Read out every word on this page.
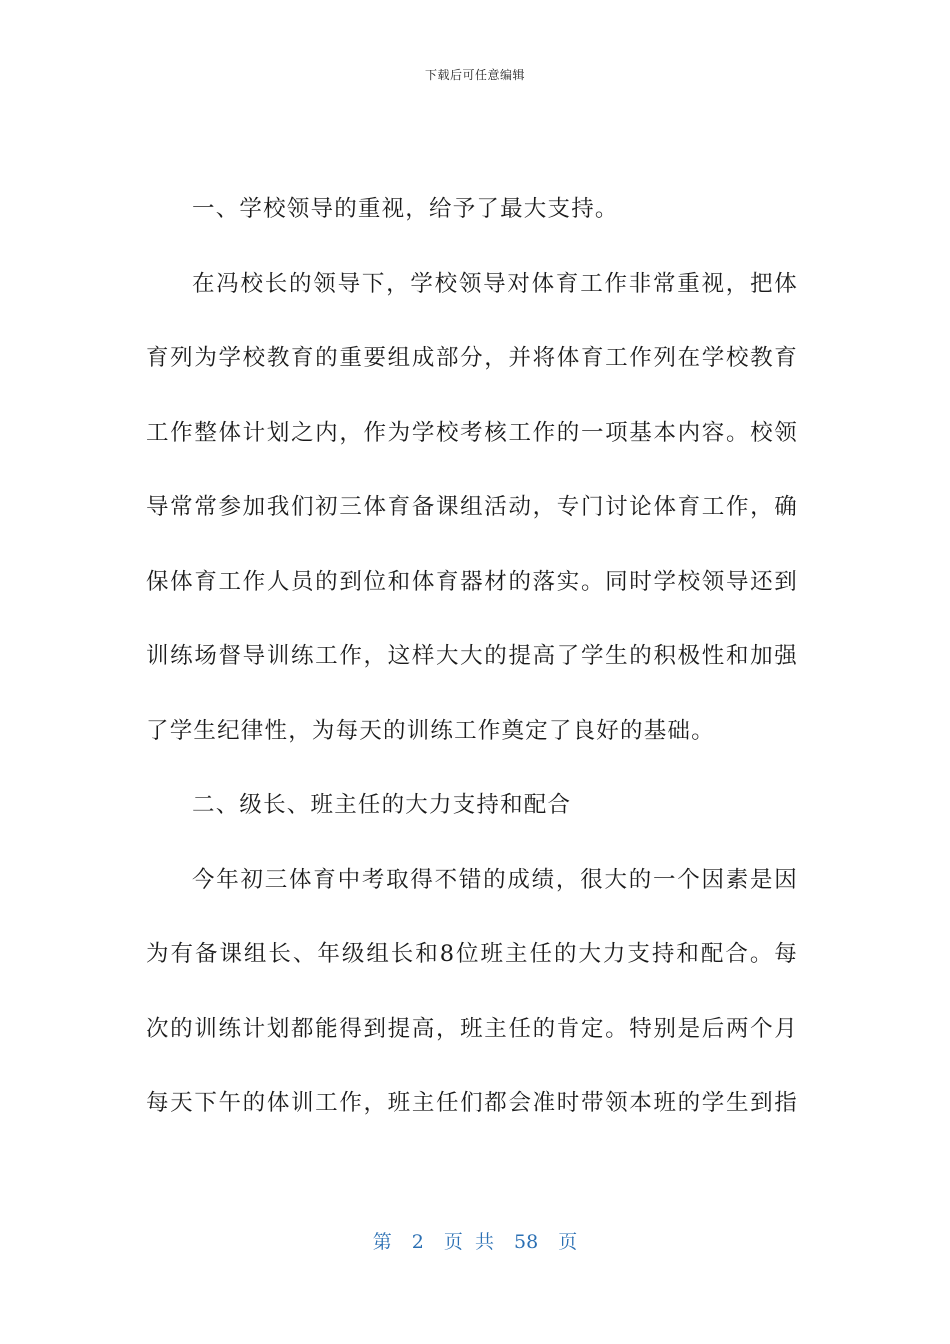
下载后可任意编辑
一、学校领导的重视，给予了最大支持。
在冯校长的领导下，学校领导对体育工作非常重视，把体
育列为学校教育的重要组成部分，并将体育工作列在学校教育
工作整体计划之内，作为学校考核工作的一项基本内容。校领
导常常参加我们初三体育备课组活动，专门讨论体育工作，确
保体育工作人员的到位和体育器材的落实。同时学校领导还到
训练场督导训练工作，这样大大的提高了学生的积极性和加强
了学生纪律性，为每天的训练工作奠定了良好的基础。
二、级长、班主任的大力支持和配合
今年初三体育中考取得不错的成绩，很大的一个因素是因
为有备课组长、年级组长和8位班主任的大力支持和配合。每
次的训练计划都能得到提高，班主任的肯定。特别是后两个月
每天下午的体训工作，班主任们都会准时带领本班的学生到指
第 2 页 共 58 页
